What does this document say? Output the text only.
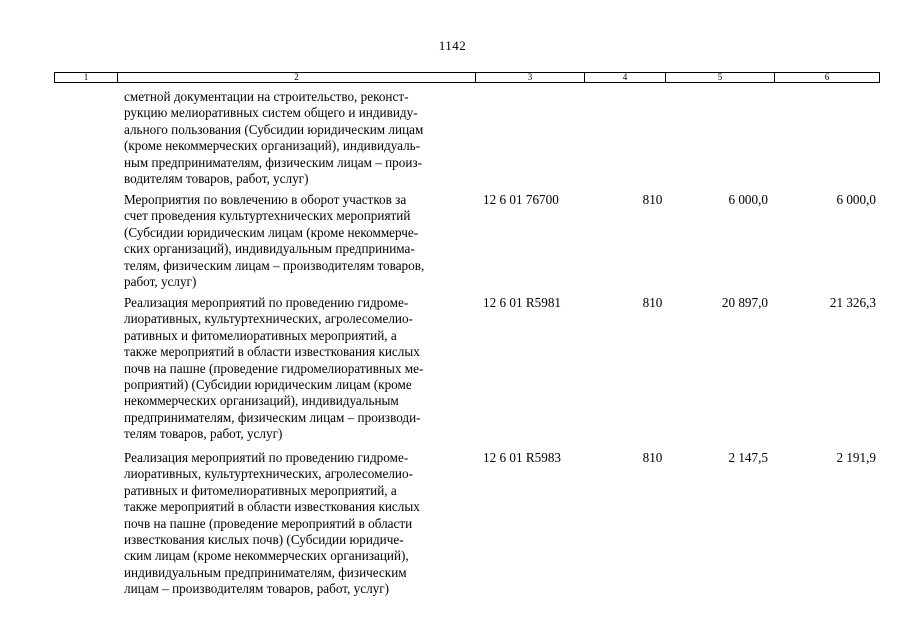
1142
1	2	3	4	5	6
сметной документации на строительство, реконст-
рукцию мелиоративных систем общего и индивиду-
ального пользования (Субсидии юридическим лицам
(кроме некоммерческих организаций), индивидуаль-
ным предпринимателям, физическим лицам – произ-
водителям товаров, работ, услуг)
Мероприятия по вовлечению в оборот участков за
счет проведения культуртехнических мероприятий
(Субсидии юридическим лицам (кроме некоммерче-
ских организаций), индивидуальным предпринима-
телям, физическим лицам – производителям товаров,
работ, услуг)
12 6 01 76700	810	6 000,0	6 000,0
Реализация мероприятий по проведению гидроме-
лиоративных, культуртехнических, агролесомелио-
ративных и фитомелиоративных мероприятий, а
также мероприятий в области известкования кислых
почв на пашне (проведение гидромелиоративных ме-
роприятий) (Субсидии юридическим лицам (кроме
некоммерческих организаций), индивидуальным
предпринимателям, физическим лицам – производи-
телям товаров, работ, услуг)
12 6 01 R5981	810	20 897,0	21 326,3
Реализация мероприятий по проведению гидроме-
лиоративных, культуртехнических, агролесомелио-
ративных и фитомелиоративных мероприятий, а
также мероприятий в области известкования кислых
почв на пашне (проведение мероприятий в области
известкования кислых почв) (Субсидии юридиче-
ским лицам (кроме некоммерческих организаций),
индивидуальным предпринимателям, физическим
лицам – производителям товаров, работ, услуг)
12 6 01 R5983	810	2 147,5	2 191,9
